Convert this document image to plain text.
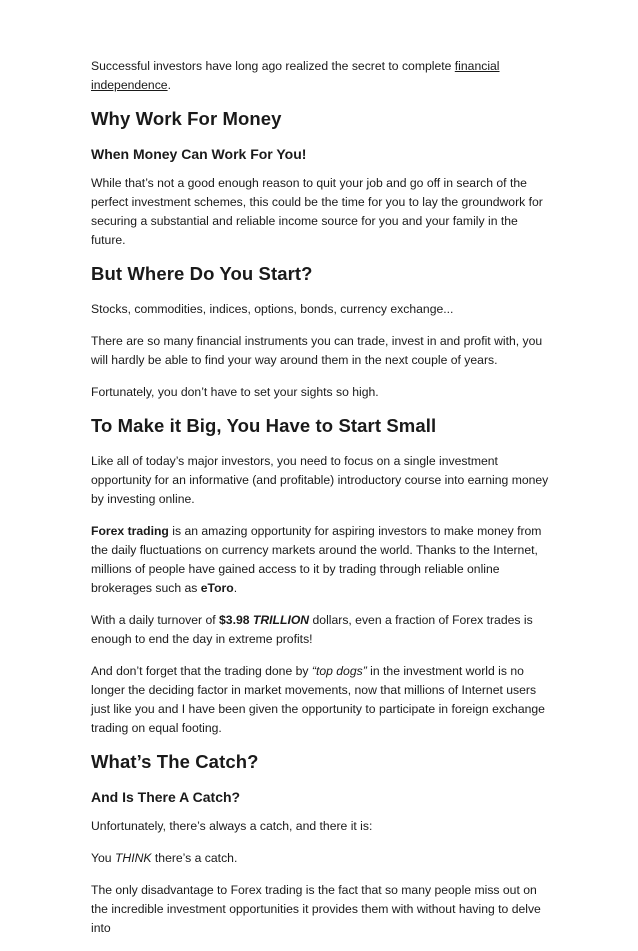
Successful investors have long ago realized the secret to complete financial independence.

Why Work For Money
When Money Can Work For You!

While that’s not a good enough reason to quit your job and go off in search of the perfect investment schemes, this could be the time for you to lay the groundwork for securing a substantial and reliable income source for you and your family in the future.

But Where Do You Start?

Stocks, commodities, indices, options, bonds, currency exchange...

There are so many financial instruments you can trade, invest in and profit with, you will hardly be able to find your way around them in the next couple of years.

Fortunately, you don’t have to set your sights so high.

To Make it Big, You Have to Start Small

Like all of today’s major investors, you need to focus on a single investment opportunity for an informative (and profitable) introductory course into earning money by investing online.

Forex trading is an amazing opportunity for aspiring investors to make money from the daily fluctuations on currency markets around the world. Thanks to the Internet, millions of people have gained access to it by trading through reliable online brokerages such as eToro.

With a daily turnover of $3.98 TRILLION dollars, even a fraction of Forex trades is enough to end the day in extreme profits!

And don’t forget that the trading done by “top dogs” in the investment world is no longer the deciding factor in market movements, now that millions of Internet users just like you and I have been given the opportunity to participate in foreign exchange trading on equal footing.

What’s The Catch?
And Is There A Catch?

Unfortunately, there’s always a catch, and there it is:

You THINK there’s a catch.

The only disadvantage to Forex trading is the fact that so many people miss out on the incredible investment opportunities it provides them with without having to delve into
